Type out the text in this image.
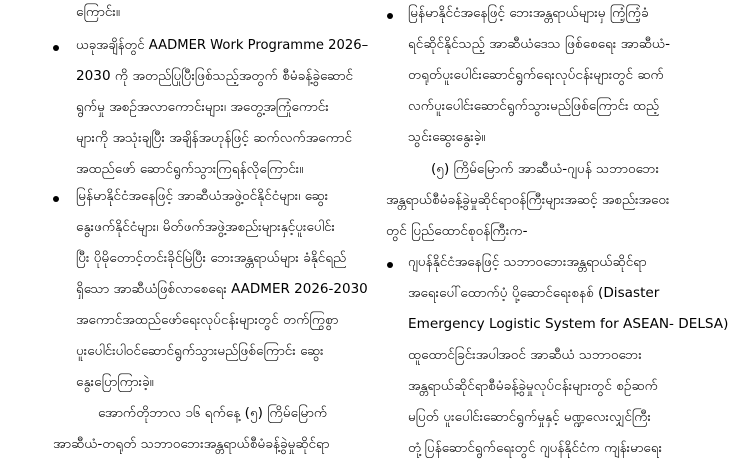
ကြောင်း။
ယခုအချိန်တွင် AADMER Work Programme 2026–
2030 ကို အတည်ပြုပြီးဖြစ်သည့်အတွက် စီမံခန့်ခွဲဆောင်
ရွက်မှု အစဉ်အလာကောင်းများ၊ အတွေ့အကြုံကောင်း
များကို အသုံးချပြီး အချိန်အဟုန်ဖြင့် ဆက်လက်အကောင်
အထည်ဖော် ဆောင်ရွက်သွားကြရန်လိုကြောင်း။
မြန်မာနိုင်ငံအနေဖြင့် အာဆီယံအဖွဲ့ဝင်နိုင်ငံများ၊ ဆွေး
နွေးဖက်နိုင်ငံများ၊ မိတ်ဖက်အဖွဲ့အစည်းများနှင့်ပူးပေါင်း
ပြီး ပိုမိုတောင့်တင်းခိုင်မြဲပြီး ဘေးအန္တရာယ်များ ခံနိုင်ရည်
ရှိသော အာဆီယံဖြစ်လာစေရေး AADMER 2026-2030
အကောင်အထည်ဖော်ရေးလုပ်ငန်းများတွင် တက်ကြွစွာ
ပူးပေါင်းပါဝင်ဆောင်ရွက်သွားမည်ဖြစ်ကြောင်း ဆွေး
နွေးပြောကြားခဲ့။
အောက်တိုဘာလ ၁၆ ရက်နေ့ (၅) ကြိမ်မြောက်
အာဆီယံ-တရုတ် သဘာဝဘေးအန္တရာယ်စီမံခန့်ခွဲမှုဆိုင်ရာ
မြန်မာနိုင်ငံအနေဖြင့် ဘေးအန္တရာယ်များမှ ကြံ့ကြံ့ခံ
ရင်ဆိုင်နိုင်သည့် အာဆီယံဒေသ ဖြစ်စေရေး အာဆီယံ-
တရုတ်ပူးပေါင်းဆောင်ရွက်ရေးလုပ်ငန်းများတွင် ဆက်
လက်ပူးပေါင်းဆောင်ရွက်သွားမည်ဖြစ်ကြောင်း ထည့်
သွင်းဆွေးနွေးခဲ့။
(၅) ကြိမ်မြောက် အာဆီယံ-ဂျပန် သဘာဝဘေး
အန္တရာယ်စီမံခန့်ခွဲမှုဆိုင်ရာဝန်ကြီးများအဆင့် အစည်းအဝေး
တွင် ပြည်ထောင်စုဝန်ကြီးက-
ဂျပန်နိုင်ငံအနေဖြင့် သဘာဝဘေးအန္တရာယ်ဆိုင်ရာ
အရေးပေါ်ထောက်ပံ့ ပို့ဆောင်ရေးစနစ် (Disaster
Emergency Logistic System for ASEAN- DELSA)
ထူထောင်ခြင်းအပါအဝင် အာဆီယံ သဘာဝဘေး
အန္တရာယ်ဆိုင်ရာစီမံခန့်ခွဲမှုလုပ်ငန်းများတွင် စဉ်ဆက်
မပြတ် ပူးပေါင်းဆောင်ရွက်မှုနှင့် မဏ္ဍလေးလျှင်ကြီး
တုံ့ပြန်ဆောင်ရွက်ရေးတွင် ဂျပန်နိုင်ငံက ကျန်းမာရေး
